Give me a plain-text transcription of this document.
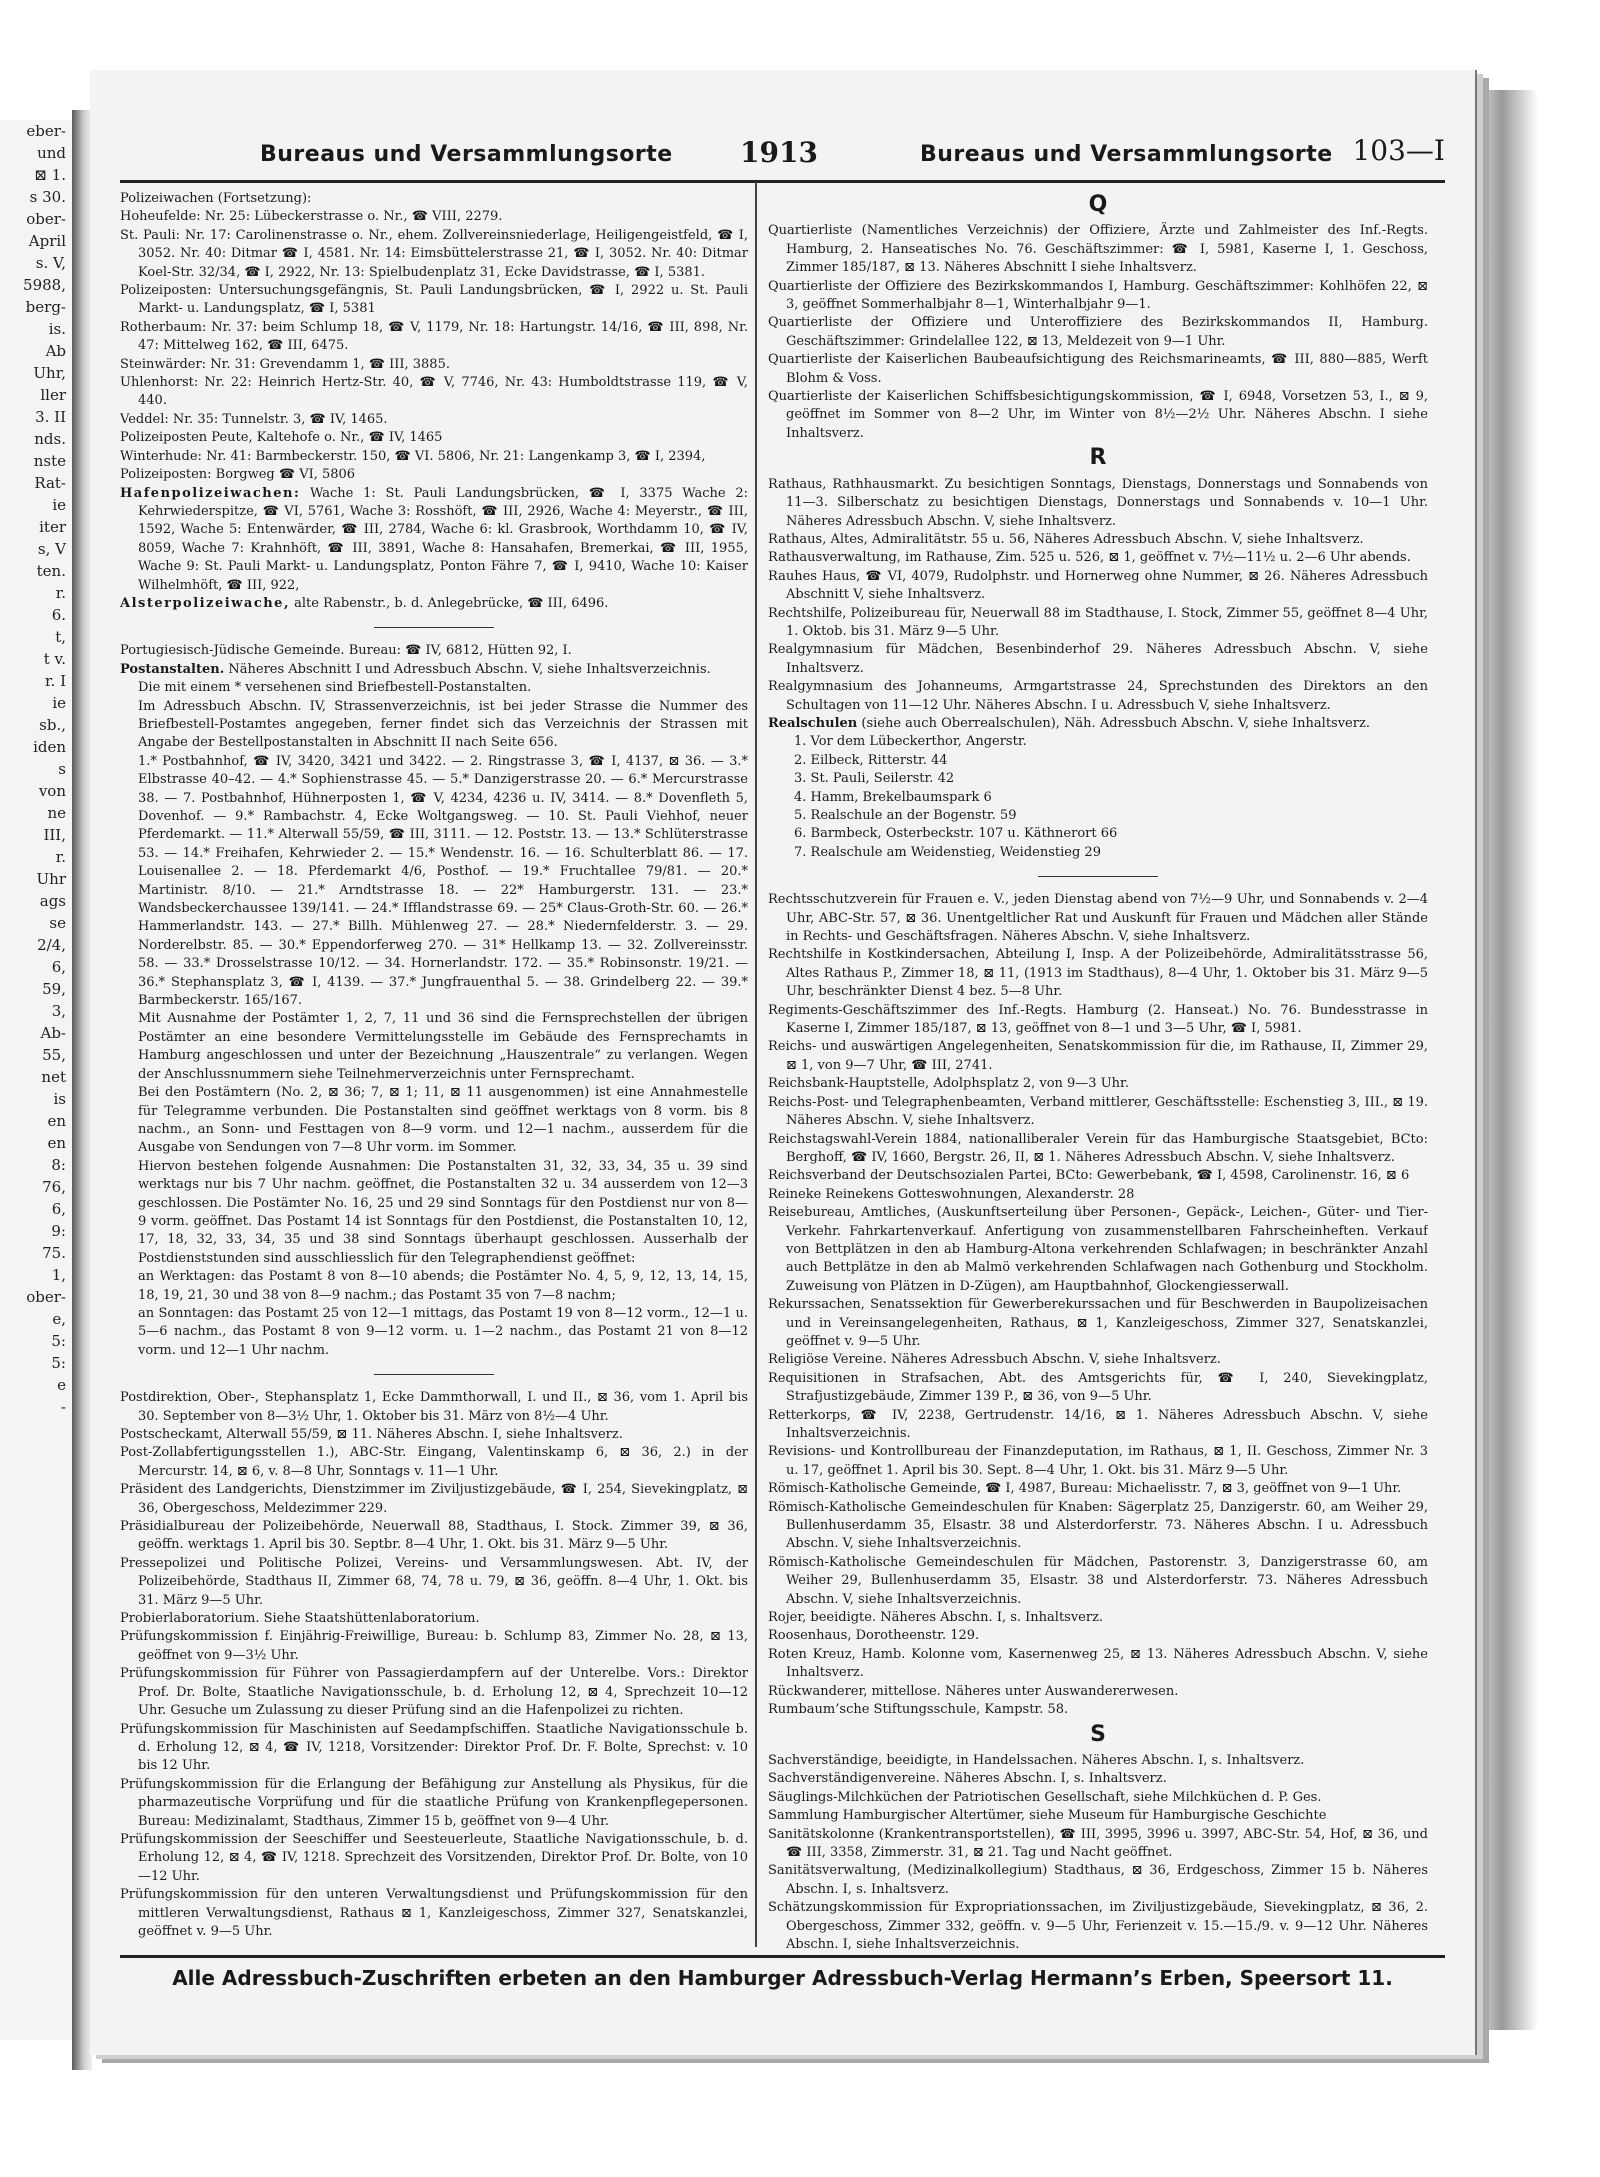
eber-
und
⊠ 1.
s 30.
ober-
April
s. V,
5988,
berg-
is.
Ab
Uhr,
ller
3. II
nds.
nste
Rat-
ie
iter
s, V
ten.
r.
6.
t,
t v.
r. I
ie
sb.,
iden
s
von
ne
III,
r.
Uhr
ags
se
2/4,
6,
59,
3,
Ab-
55,
net
is
en
en
8:
76,
6,
9:
75.
1,
ober-
e,
5:
5:
e
-
Bureaus und Versammlungsorte 1913	Bureaus und Versammlungsorte 103—I

Polizeiwachen (Fortsetzung):

Hoheufelde: Nr. 25: Lübeckerstrasse o. Nr., ☎ VIII, 2279.

St. Pauli: Nr. 17: Carolinenstrasse o. Nr., ehem. Zollvereinsniederlage, Heiligengeistfeld, ☎ I, 3052. Nr. 40: Ditmar ☎ I, 4581. Nr. 14: Eimsbüttelerstrasse 21, ☎ I, 3052. Nr. 40: Ditmar Koel-Str. 32/34, ☎ I, 2922, Nr. 13: Spielbudenplatz 31, Ecke Davidstrasse, ☎ I, 5381.

Polizeiposten: Untersuchungsgefängnis, St. Pauli Landungsbrücken, ☎ I, 2922 u. St. Pauli Markt- u. Landungsplatz, ☎ I, 5381

Rotherbaum: Nr. 37: beim Schlump 18, ☎ V, 1179, Nr. 18: Hartungstr. 14/16, ☎ III, 898, Nr. 47: Mittelweg 162, ☎ III, 6475.

Steinwärder: Nr. 31: Grevendamm 1, ☎ III, 3885.

Uhlenhorst: Nr. 22: Heinrich Hertz-Str. 40, ☎ V, 7746, Nr. 43: Humboldtstrasse 119, ☎ V, 440.

Veddel: Nr. 35: Tunnelstr. 3, ☎ IV, 1465.

Polizeiposten Peute, Kaltehofe o. Nr., ☎ IV, 1465

Winterhude: Nr. 41: Barmbeckerstr. 150, ☎ VI. 5806, Nr. 21: Langenkamp 3, ☎ I, 2394,

Polizeiposten: Borgweg ☎ VI, 5806

Hafenpolizeiwachen: Wache 1: St. Pauli Landungsbrücken, ☎ I, 3375 Wache 2: Kehrwiederspitze, ☎ VI, 5761, Wache 3: Rosshöft, ☎ III, 2926, Wache 4: Meyerstr., ☎ III, 1592, Wache 5: Entenwärder, ☎ III, 2784, Wache 6: kl. Grasbrook, Worthdamm 10, ☎ IV, 8059, Wache 7: Krahnhöft, ☎ III, 3891, Wache 8: Hansahafen, Bremerkai, ☎ III, 1955, Wache 9: St. Pauli Markt- u. Landungsplatz, Ponton Fähre 7, ☎ I, 9410, Wache 10: Kaiser Wilhelmhöft, ☎ III, 922,

Alsterpolizeiwache, alte Rabenstr., b. d. Anlegebrücke, ☎ III, 6496.

Portugiesisch-Jüdische Gemeinde. Bureau: ☎ IV, 6812, Hütten 92, I.

Postanstalten. Näheres Abschnitt I und Adressbuch Abschn. V, siehe Inhaltsverzeichnis.

Die mit einem * versehenen sind Briefbestell-Postanstalten.

Im Adressbuch Abschn. IV, Strassenverzeichnis, ist bei jeder Strasse die Nummer des Briefbestell-Postamtes angegeben, ferner findet sich das Verzeichnis der Strassen mit Angabe der Bestellpostanstalten in Abschnitt II nach Seite 656.

1.* Postbahnhof, ☎ IV, 3420, 3421 und 3422. — 2. Ringstrasse 3, ☎ I, 4137, ⊠ 36. — 3.* Elbstrasse 40–42. — 4.* Sophienstrasse 45. — 5.* Danzigerstrasse 20. — 6.* Mercurstrasse 38. — 7. Postbahnhof, Hühnerposten 1, ☎ V, 4234, 4236 u. IV, 3414. — 8.* Dovenfleth 5, Dovenhof. — 9.* Rambachstr. 4, Ecke Woltgangsweg. — 10. St. Pauli Viehhof, neuer Pferdemarkt. — 11.* Alterwall 55/59, ☎ III, 3111. — 12. Poststr. 13. — 13.* Schlüterstrasse 53. — 14.* Freihafen, Kehrwieder 2. — 15.* Wendenstr. 16. — 16. Schulterblatt 86. — 17. Louisenallee 2. — 18. Pferdemarkt 4/6, Posthof. — 19.* Fruchtallee 79/81. — 20.* Martinistr. 8/10. — 21.* Arndtstrasse 18. — 22* Hamburgerstr. 131. — 23.* Wandsbeckerchaussee 139/141. — 24.* Ifflandstrasse 69. — 25* Claus-Groth-Str. 60. — 26.* Hammerlandstr. 143. — 27.* Billh. Mühlenweg 27. — 28.* Niedernfelderstr. 3. — 29. Norderelbstr. 85. — 30.* Eppendorferweg 270. — 31* Hellkamp 13. — 32. Zollvereinsstr. 58. — 33.* Drosselstrasse 10/12. — 34. Hornerlandstr. 172. — 35.* Robinsonstr. 19/21. — 36.* Stephansplatz 3, ☎ I, 4139. — 37.* Jungfrauenthal 5. — 38. Grindelberg 22. — 39.* Barmbeckerstr. 165/167.

Mit Ausnahme der Postämter 1, 2, 7, 11 und 36 sind die Fernsprechstellen der übrigen Postämter an eine besondere Vermittelungsstelle im Gebäude des Fernsprechamts in Hamburg angeschlossen und unter der Bezeichnung „Hauszentrale“ zu verlangen. Wegen der Anschlussnummern siehe Teilnehmerverzeichnis unter Fernsprechamt.

Bei den Postämtern (No. 2, ⊠ 36; 7, ⊠ 1; 11, ⊠ 11 ausgenommen) ist eine Annahmestelle für Telegramme verbunden. Die Postanstalten sind geöffnet werktags von 8 vorm. bis 8 nachm., an Sonn- und Festtagen von 8—9 vorm. und 12—1 nachm., ausserdem für die Ausgabe von Sendungen von 7—8 Uhr vorm. im Sommer.

Hiervon bestehen folgende Ausnahmen: Die Postanstalten 31, 32, 33, 34, 35 u. 39 sind werktags nur bis 7 Uhr nachm. geöffnet, die Postanstalten 32 u. 34 ausserdem von 12—3 geschlossen. Die Postämter No. 16, 25 und 29 sind Sonntags für den Postdienst nur von 8—9 vorm. geöffnet. Das Postamt 14 ist Sonntags für den Postdienst, die Postanstalten 10, 12, 17, 18, 32, 33, 34, 35 und 38 sind Sonntags überhaupt geschlossen. Ausserhalb der Postdienststunden sind ausschliesslich für den Telegraphendienst geöffnet:

an Werktagen: das Postamt 8 von 8—10 abends; die Postämter No. 4, 5, 9, 12, 13, 14, 15, 18, 19, 21, 30 und 38 von 8—9 nachm.; das Postamt 35 von 7—8 nachm;

an Sonntagen: das Postamt 25 von 12—1 mittags, das Postamt 19 von 8—12 vorm., 12—1 u. 5—6 nachm., das Postamt 8 von 9—12 vorm. u. 1—2 nachm., das Postamt 21 von 8—12 vorm. und 12—1 Uhr nachm.

Postdirektion, Ober-, Stephansplatz 1, Ecke Dammthorwall, I. und II., ⊠ 36, vom 1. April bis 30. September von 8—3½ Uhr, 1. Oktober bis 31. März von 8½—4 Uhr.

Postscheckamt, Alterwall 55/59, ⊠ 11. Näheres Abschn. I, siehe Inhaltsverz.

Post-Zollabfertigungsstellen 1.), ABC-Str. Eingang, Valentinskamp 6, ⊠ 36, 2.) in der Mercurstr. 14, ⊠ 6, v. 8—8 Uhr, Sonntags v. 11—1 Uhr.

Präsident des Landgerichts, Dienstzimmer im Ziviljustizgebäude, ☎ I, 254, Sievekingplatz, ⊠ 36, Obergeschoss, Meldezimmer 229.

Präsidialbureau der Polizeibehörde, Neuerwall 88, Stadthaus, I. Stock. Zimmer 39, ⊠ 36, geöffn. werktags 1. April bis 30. Septbr. 8—4 Uhr, 1. Okt. bis 31. März 9—5 Uhr.

Pressepolizei und Politische Polizei, Vereins- und Versammlungswesen. Abt. IV, der Polizeibehörde, Stadthaus II, Zimmer 68, 74, 78 u. 79, ⊠ 36, geöffn. 8—4 Uhr, 1. Okt. bis 31. März 9—5 Uhr.

Probierlaboratorium. Siehe Staatshüttenlaboratorium.

Prüfungskommission f. Einjährig-Freiwillige, Bureau: b. Schlump 83, Zimmer No. 28, ⊠ 13, geöffnet von 9—3½ Uhr.

Prüfungskommission für Führer von Passagierdampfern auf der Unterelbe. Vors.: Direktor Prof. Dr. Bolte, Staatliche Navigationsschule, b. d. Erholung 12, ⊠ 4, Sprechzeit 10—12 Uhr. Gesuche um Zulassung zu dieser Prüfung sind an die Hafenpolizei zu richten.

Prüfungskommission für Maschinisten auf Seedampfschiffen. Staatliche Navigationsschule b. d. Erholung 12, ⊠ 4, ☎ IV, 1218, Vorsitzender: Direktor Prof. Dr. F. Bolte, Sprechst: v. 10 bis 12 Uhr.

Prüfungskommission für die Erlangung der Befähigung zur Anstellung als Physikus, für die pharmazeutische Vorprüfung und für die staatliche Prüfung von Krankenpflegepersonen. Bureau: Medizinalamt, Stadthaus, Zimmer 15 b, geöffnet von 9—4 Uhr.

Prüfungskommission der Seeschiffer und Seesteuerleute, Staatliche Navigationsschule, b. d. Erholung 12, ⊠ 4, ☎ IV, 1218. Sprechzeit des Vorsitzenden, Direktor Prof. Dr. Bolte, von 10—12 Uhr.

Prüfungskommission für den unteren Verwaltungsdienst und Prüfungskommission für den mittleren Verwaltungsdienst, Rathaus ⊠ 1, Kanzleigeschoss, Zimmer 327, Senatskanzlei, geöffnet v. 9—5 Uhr.

Q

Quartierliste (Namentliches Verzeichnis) der Offiziere, Ärzte und Zahlmeister des Inf.-Regts. Hamburg, 2. Hanseatisches No. 76. Geschäftszimmer: ☎ I, 5981, Kaserne I, 1. Geschoss, Zimmer 185/187, ⊠ 13. Näheres Abschnitt I siehe Inhaltsverz.

Quartierliste der Offiziere des Bezirkskommandos I, Hamburg. Geschäftszimmer: Kohlhöfen 22, ⊠ 3, geöffnet Sommerhalbjahr 8—1, Winterhalbjahr 9—1.

Quartierliste der Offiziere und Unteroffiziere des Bezirkskommandos II, Hamburg. Geschäftszimmer: Grindelallee 122, ⊠ 13, Meldezeit von 9—1 Uhr.

Quartierliste der Kaiserlichen Baubeaufsichtigung des Reichsmarineamts, ☎ III, 880—885, Werft Blohm & Voss.

Quartierliste der Kaiserlichen Schiffsbesichtigungskommission, ☎ I, 6948, Vorsetzen 53, I., ⊠ 9, geöffnet im Sommer von 8—2 Uhr, im Winter von 8½—2½ Uhr. Näheres Abschn. I siehe Inhaltsverz.

R

Rathaus, Rathhausmarkt. Zu besichtigen Sonntags, Dienstags, Donnerstags und Sonnabends von 11—3. Silberschatz zu besichtigen Dienstags, Donnerstags und Sonnabends v. 10—1 Uhr. Näheres Adressbuch Abschn. V, siehe Inhaltsverz.

Rathaus, Altes, Admiralitätstr. 55 u. 56, Näheres Adressbuch Abschn. V, siehe Inhaltsverz.

Rathausverwaltung, im Rathause, Zim. 525 u. 526, ⊠ 1, geöffnet v. 7½—11½ u. 2—6 Uhr abends.

Rauhes Haus, ☎ VI, 4079, Rudolphstr. und Hornerweg ohne Nummer, ⊠ 26. Näheres Adressbuch Abschnitt V, siehe Inhaltsverz.

Rechtshilfe, Polizeibureau für, Neuerwall 88 im Stadthause, I. Stock, Zimmer 55, geöffnet 8—4 Uhr, 1. Oktob. bis 31. März 9—5 Uhr.

Realgymnasium für Mädchen, Besenbinderhof 29. Näheres Adressbuch Abschn. V, siehe Inhaltsverz.

Realgymnasium des Johanneums, Armgartstrasse 24, Sprechstunden des Direktors an den Schultagen von 11—12 Uhr. Näheres Abschn. I u. Adressbuch V, siehe Inhaltsverz.

Realschulen (siehe auch Oberrealschulen), Näh. Adressbuch Abschn. V, siehe Inhaltsverz.

1. Vor dem Lübeckerthor, Angerstr.

2. Eilbeck, Ritterstr. 44

3. St. Pauli, Seilerstr. 42

4. Hamm, Brekelbaumspark 6

5. Realschule an der Bogenstr. 59

6. Barmbeck, Osterbeckstr. 107 u. Käthnerort 66

7. Realschule am Weidenstieg, Weidenstieg 29

Rechtsschutzverein für Frauen e. V., jeden Dienstag abend von 7½—9 Uhr, und Sonnabends v. 2—4 Uhr, ABC-Str. 57, ⊠ 36. Unentgeltlicher Rat und Auskunft für Frauen und Mädchen aller Stände in Rechts- und Geschäftsfragen. Näheres Abschn. V, siehe Inhaltsverz.

Rechtshilfe in Kostkindersachen, Abteilung I, Insp. A der Polizeibehörde, Admiralitätsstrasse 56, Altes Rathaus P., Zimmer 18, ⊠ 11, (1913 im Stadthaus), 8—4 Uhr, 1. Oktober bis 31. März 9—5 Uhr, beschränkter Dienst 4 bez. 5—8 Uhr.

Regiments-Geschäftszimmer des Inf.-Regts. Hamburg (2. Hanseat.) No. 76. Bundesstrasse in Kaserne I, Zimmer 185/187, ⊠ 13, geöffnet von 8—1 und 3—5 Uhr, ☎ I, 5981.

Reichs- und auswärtigen Angelegenheiten, Senatskommission für die, im Rathause, II, Zimmer 29, ⊠ 1, von 9—7 Uhr, ☎ III, 2741.

Reichsbank-Hauptstelle, Adolphsplatz 2, von 9—3 Uhr.

Reichs-Post- und Telegraphenbeamten, Verband mittlerer, Geschäftsstelle: Eschenstieg 3, III., ⊠ 19. Näheres Abschn. V, siehe Inhaltsverz.

Reichstagswahl-Verein 1884, nationalliberaler Verein für das Hamburgische Staatsgebiet, BCto: Berghoff, ☎ IV, 1660, Bergstr. 26, II, ⊠ 1. Näheres Adressbuch Abschn. V, siehe Inhaltsverz.

Reichsverband der Deutschsozialen Partei, BCto: Gewerbebank, ☎ I, 4598, Carolinenstr. 16, ⊠ 6

Reineke Reinekens Gotteswohnungen, Alexanderstr. 28

Reisebureau, Amtliches, (Auskunftserteilung über Personen-, Gepäck-, Leichen-, Güter- und Tier-Verkehr. Fahrkartenverkauf. Anfertigung von zusammenstellbaren Fahrscheinheften. Verkauf von Bettplätzen in den ab Hamburg-Altona verkehrenden Schlafwagen; in beschränkter Anzahl auch Bettplätze in den ab Malmö verkehrenden Schlafwagen nach Gothenburg und Stockholm. Zuweisung von Plätzen in D-Zügen), am Hauptbahnhof, Glockengiesserwall.

Rekurssachen, Senatssektion für Gewerberekurssachen und für Beschwerden in Baupolizeisachen und in Vereinsangelegenheiten, Rathaus, ⊠ 1, Kanzleigeschoss, Zimmer 327, Senatskanzlei, geöffnet v. 9—5 Uhr.

Religiöse Vereine. Näheres Adressbuch Abschn. V, siehe Inhaltsverz.

Requisitionen in Strafsachen, Abt. des Amtsgerichts für, ☎ I, 240, Sievekingplatz, Strafjustizgebäude, Zimmer 139 P., ⊠ 36, von 9—5 Uhr.

Retterkorps, ☎ IV, 2238, Gertrudenstr. 14/16, ⊠ 1. Näheres Adressbuch Abschn. V, siehe Inhaltsverzeichnis.

Revisions- und Kontrollbureau der Finanzdeputation, im Rathaus, ⊠ 1, II. Geschoss, Zimmer Nr. 3 u. 17, geöffnet 1. April bis 30. Sept. 8—4 Uhr, 1. Okt. bis 31. März 9—5 Uhr.

Römisch-Katholische Gemeinde, ☎ I, 4987, Bureau: Michaelisstr. 7, ⊠ 3, geöffnet von 9—1 Uhr.

Römisch-Katholische Gemeindeschulen für Knaben: Sägerplatz 25, Danzigerstr. 60, am Weiher 29, Bullenhuserdamm 35, Elsastr. 38 und Alsterdorferstr. 73. Näheres Abschn. I u. Adressbuch Abschn. V, siehe Inhaltsverzeichnis.

Römisch-Katholische Gemeindeschulen für Mädchen, Pastorenstr. 3, Danzigerstrasse 60, am Weiher 29, Bullenhuserdamm 35, Elsastr. 38 und Alsterdorferstr. 73. Näheres Adressbuch Abschn. V, siehe Inhaltsverzeichnis.

Rojer, beeidigte. Näheres Abschn. I, s. Inhaltsverz.

Roosenhaus, Dorotheenstr. 129.

Roten Kreuz, Hamb. Kolonne vom, Kasernenweg 25, ⊠ 13. Näheres Adressbuch Abschn. V, siehe Inhaltsverz.

Rückwanderer, mittellose. Näheres unter Auswandererwesen.

Rumbaum’sche Stiftungsschule, Kampstr. 58.

S

Sachverständige, beeidigte, in Handelssachen. Näheres Abschn. I, s. Inhaltsverz.

Sachverständigenvereine. Näheres Abschn. I, s. Inhaltsverz.

Säuglings-Milchküchen der Patriotischen Gesellschaft, siehe Milchküchen d. P. Ges.

Sammlung Hamburgischer Altertümer, siehe Museum für Hamburgische Geschichte

Sanitätskolonne (Krankentransportstellen), ☎ III, 3995, 3996 u. 3997, ABC-Str. 54, Hof, ⊠ 36, und ☎ III, 3358, Zimmerstr. 31, ⊠ 21. Tag und Nacht geöffnet.

Sanitätsverwaltung, (Medizinalkollegium) Stadthaus, ⊠ 36, Erdgeschoss, Zimmer 15 b. Näheres Abschn. I, s. Inhaltsverz.

Schätzungskommission für Expropriationssachen, im Ziviljustizgebäude, Sievekingplatz, ⊠ 36, 2. Obergeschoss, Zimmer 332, geöffn. v. 9—5 Uhr, Ferienzeit v. 15.—15./9. v. 9—12 Uhr. Näheres Abschn. I, siehe Inhaltsverzeichnis.

Alle Adressbuch-Zuschriften erbeten an den Hamburger Adressbuch-Verlag Hermann’s Erben, Speersort 11.
